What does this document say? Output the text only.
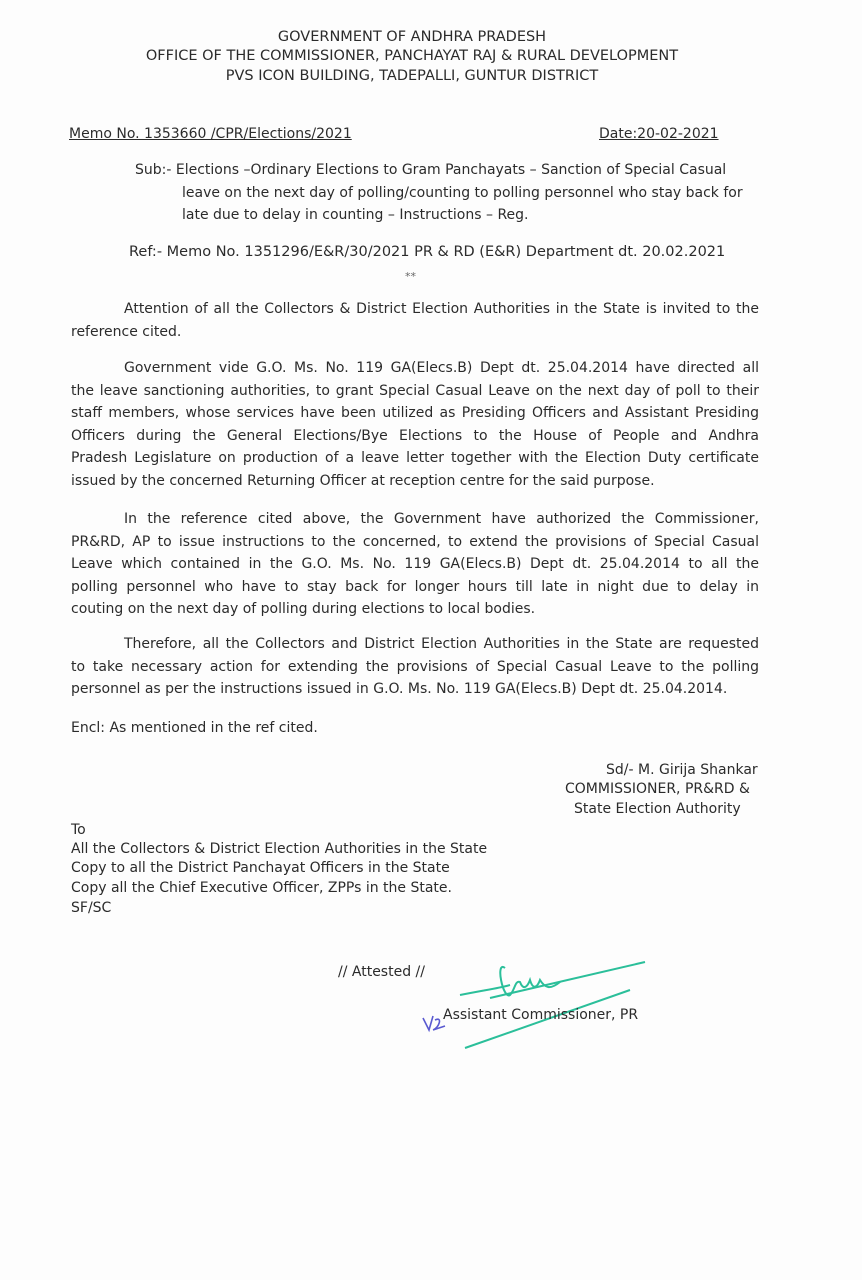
GOVERNMENT OF ANDHRA PRADESH
OFFICE OF THE COMMISSIONER, PANCHAYAT RAJ & RURAL DEVELOPMENT
PVS ICON BUILDING, TADEPALLI, GUNTUR DISTRICT
Memo No. 1353660 /CPR/Elections/2021	Date:20-02-2021
Sub:- Elections –Ordinary Elections to Gram Panchayats – Sanction of Special Casual
leave on the next day of polling/counting to polling personnel who stay back for
late due to delay in counting – Instructions – Reg.
Ref:- Memo No. 1351296/E&R/30/2021 PR & RD (E&R) Department dt. 20.02.2021
**
Attention of all the Collectors & District Election Authorities in the State is invited to the
reference cited.
Government vide G.O. Ms. No. 119 GA(Elecs.B) Dept dt. 25.04.2014 have directed all
the leave sanctioning authorities, to grant Special Casual Leave on the next day of poll to their
staff members, whose services have been utilized as Presiding Officers and Assistant Presiding
Officers during the General Elections/Bye Elections to the House of People and Andhra
Pradesh Legislature on production of a leave letter together with the Election Duty certificate
issued by the concerned Returning Officer at reception centre for the said purpose.
In the reference cited above, the Government have authorized the Commissioner,
PR&RD, AP to issue instructions to the concerned, to extend the provisions of Special Casual
Leave which contained in the G.O. Ms. No. 119 GA(Elecs.B) Dept dt. 25.04.2014 to all the
polling personnel who have to stay back for longer hours till late in night due to delay in
couting on the next day of polling during elections to local bodies.
Therefore, all the Collectors and District Election Authorities in the State are requested
to take necessary action for extending the provisions of Special Casual Leave to the polling
personnel as per the instructions issued in G.O. Ms. No. 119 GA(Elecs.B) Dept dt. 25.04.2014.
Encl: As mentioned in the ref cited.
Sd/- M. Girija Shankar
COMMISSIONER, PR&RD &
State Election Authority
To
All the Collectors & District Election Authorities in the State
Copy to all the District Panchayat Officers in the State
Copy all the Chief Executive Officer, ZPPs in the State.
SF/SC
// Attested //
Assistant Commissioner, PR
